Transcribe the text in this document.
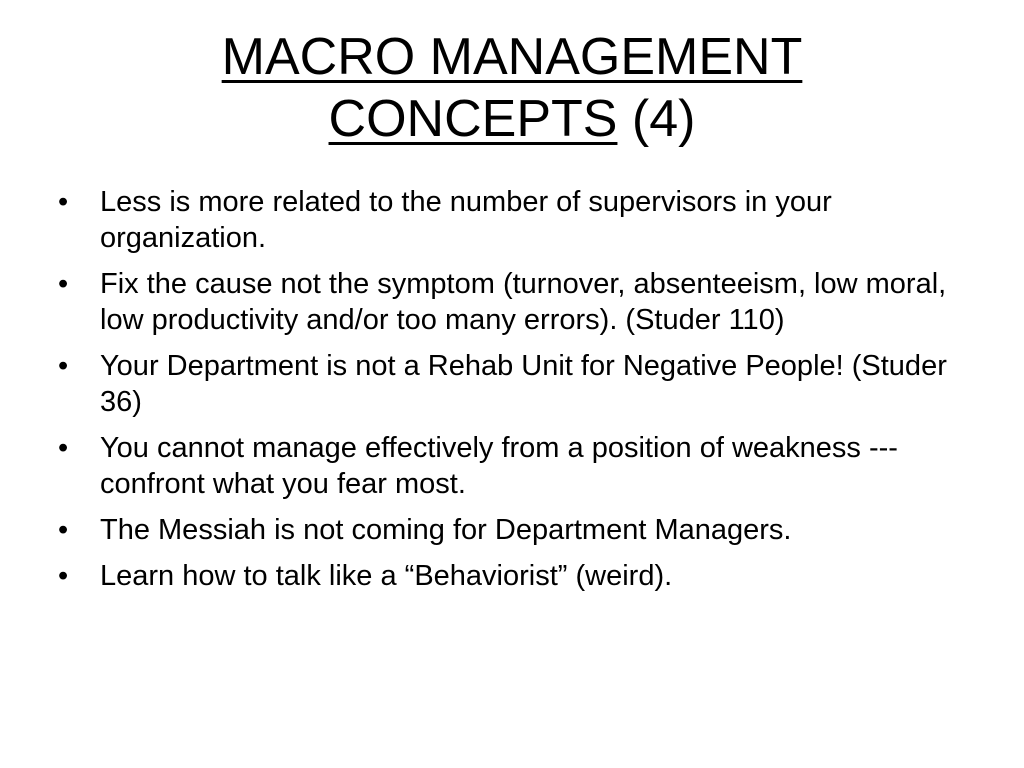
MACRO MANAGEMENT
CONCEPTS (4)
•	Less is more related to the number of supervisors in your organization.
•	Fix the cause not the symptom (turnover, absenteeism, low moral, low productivity and/or too many errors). (Studer 110)
•	Your Department is not a Rehab Unit for Negative People! (Studer 36)
•	You cannot manage effectively from a position of weakness --- confront what you fear most.
•	The Messiah is not coming for Department Managers.
•	Learn how to talk like a “Behaviorist” (weird).
